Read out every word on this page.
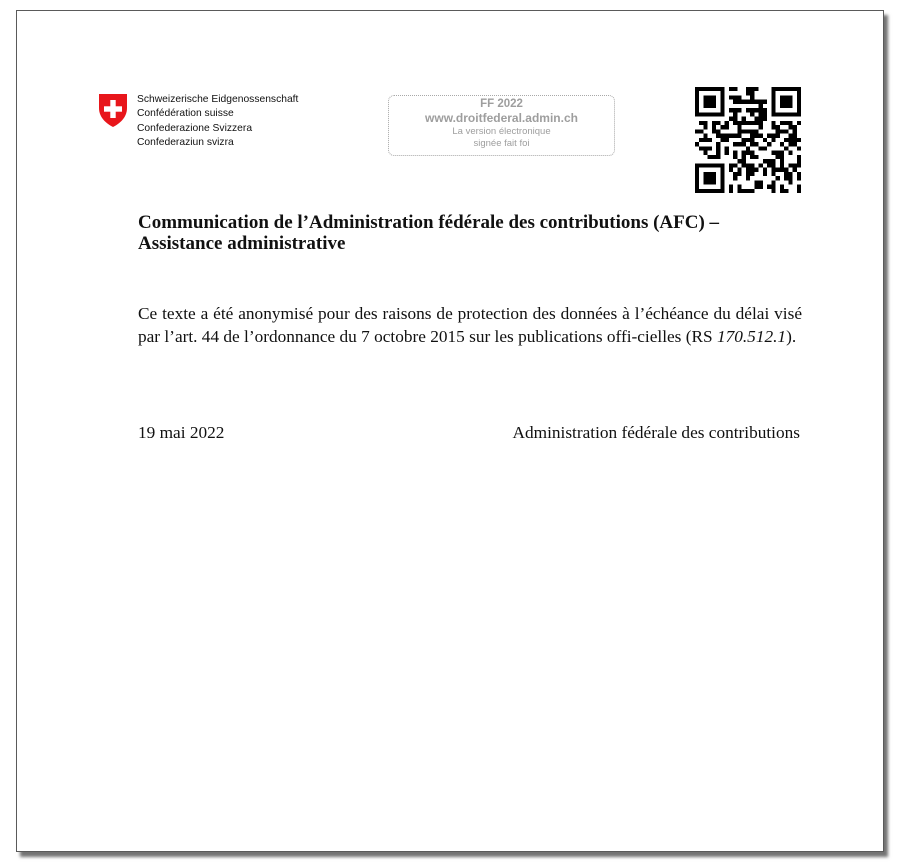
Schweizerische Eidgenossenschaft
Confédération suisse
Confederazione Svizzera
Confederaziun svizra
FF 2022
www.droitfederal.admin.ch
La version électronique
signée fait foi
Communication de l’Administration fédérale des contributions (AFC) –
Assistance administrative
Ce texte a été anonymisé pour des raisons de protection des données à l’échéance du délai visé par l’art. 44 de l’ordonnance du 7 octobre 2015 sur les publications offi-cielles (RS 170.512.1).
19 mai 2022	Administration fédérale des contributions
